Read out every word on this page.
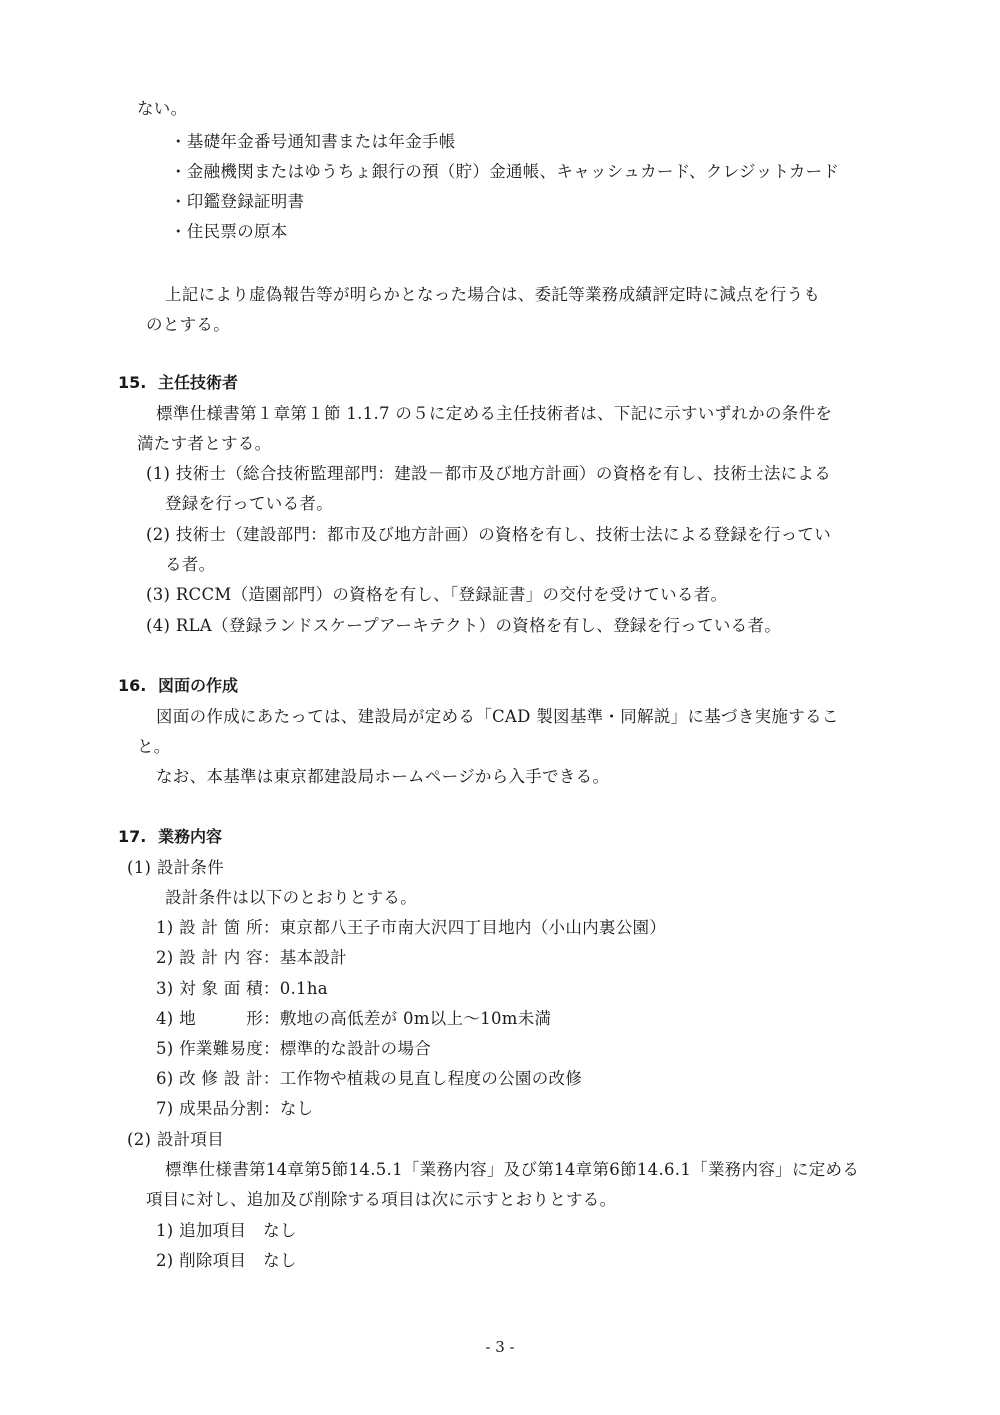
ない。
・基礎年金番号通知書または年金手帳
・金融機関またはゆうちょ銀行の預（貯）金通帳、キャッシュカード、クレジットカード
・印鑑登録証明書
・住民票の原本
上記により虚偽報告等が明らかとなった場合は、委託等業務成績評定時に減点を行うも
のとする。
15. 主任技術者
標準仕様書第１章第１節 1.1.7 の５に定める主任技術者は、下記に示すいずれかの条件を
満たす者とする。
(1) 技術士（総合技術監理部門：建設－都市及び地方計画）の資格を有し、技術士法による
登録を行っている者。
(2) 技術士（建設部門：都市及び地方計画）の資格を有し、技術士法による登録を行ってい
る者。
(3) RCCM（造園部門）の資格を有し、「登録証書」の交付を受けている者。
(4) RLA（登録ランドスケープアーキテクト）の資格を有し、登録を行っている者。
16. 図面の作成
図面の作成にあたっては、建設局が定める「CAD 製図基準・同解説」に基づき実施するこ
と。
なお、本基準は東京都建設局ホームページから入手できる。
17. 業務内容
(1) 設計条件
設計条件は以下のとおりとする。
1) 設 計 箇 所：東京都八王子市南大沢四丁目地内（小山内裏公園）
2) 設 計 内 容：基本設計
3) 対 象 面 積：0.1ha
4) 地　　　形：敷地の高低差が 0m以上～10m未満
5) 作業難易度：標準的な設計の場合
6) 改 修 設 計：工作物や植栽の見直し程度の公園の改修
7) 成果品分割：なし
(2) 設計項目
標準仕様書第14章第5節14.5.1「業務内容」及び第14章第6節14.6.1「業務内容」に定める
項目に対し、追加及び削除する項目は次に示すとおりとする。
1) 追加項目　なし
2) 削除項目　なし
- 3 -
